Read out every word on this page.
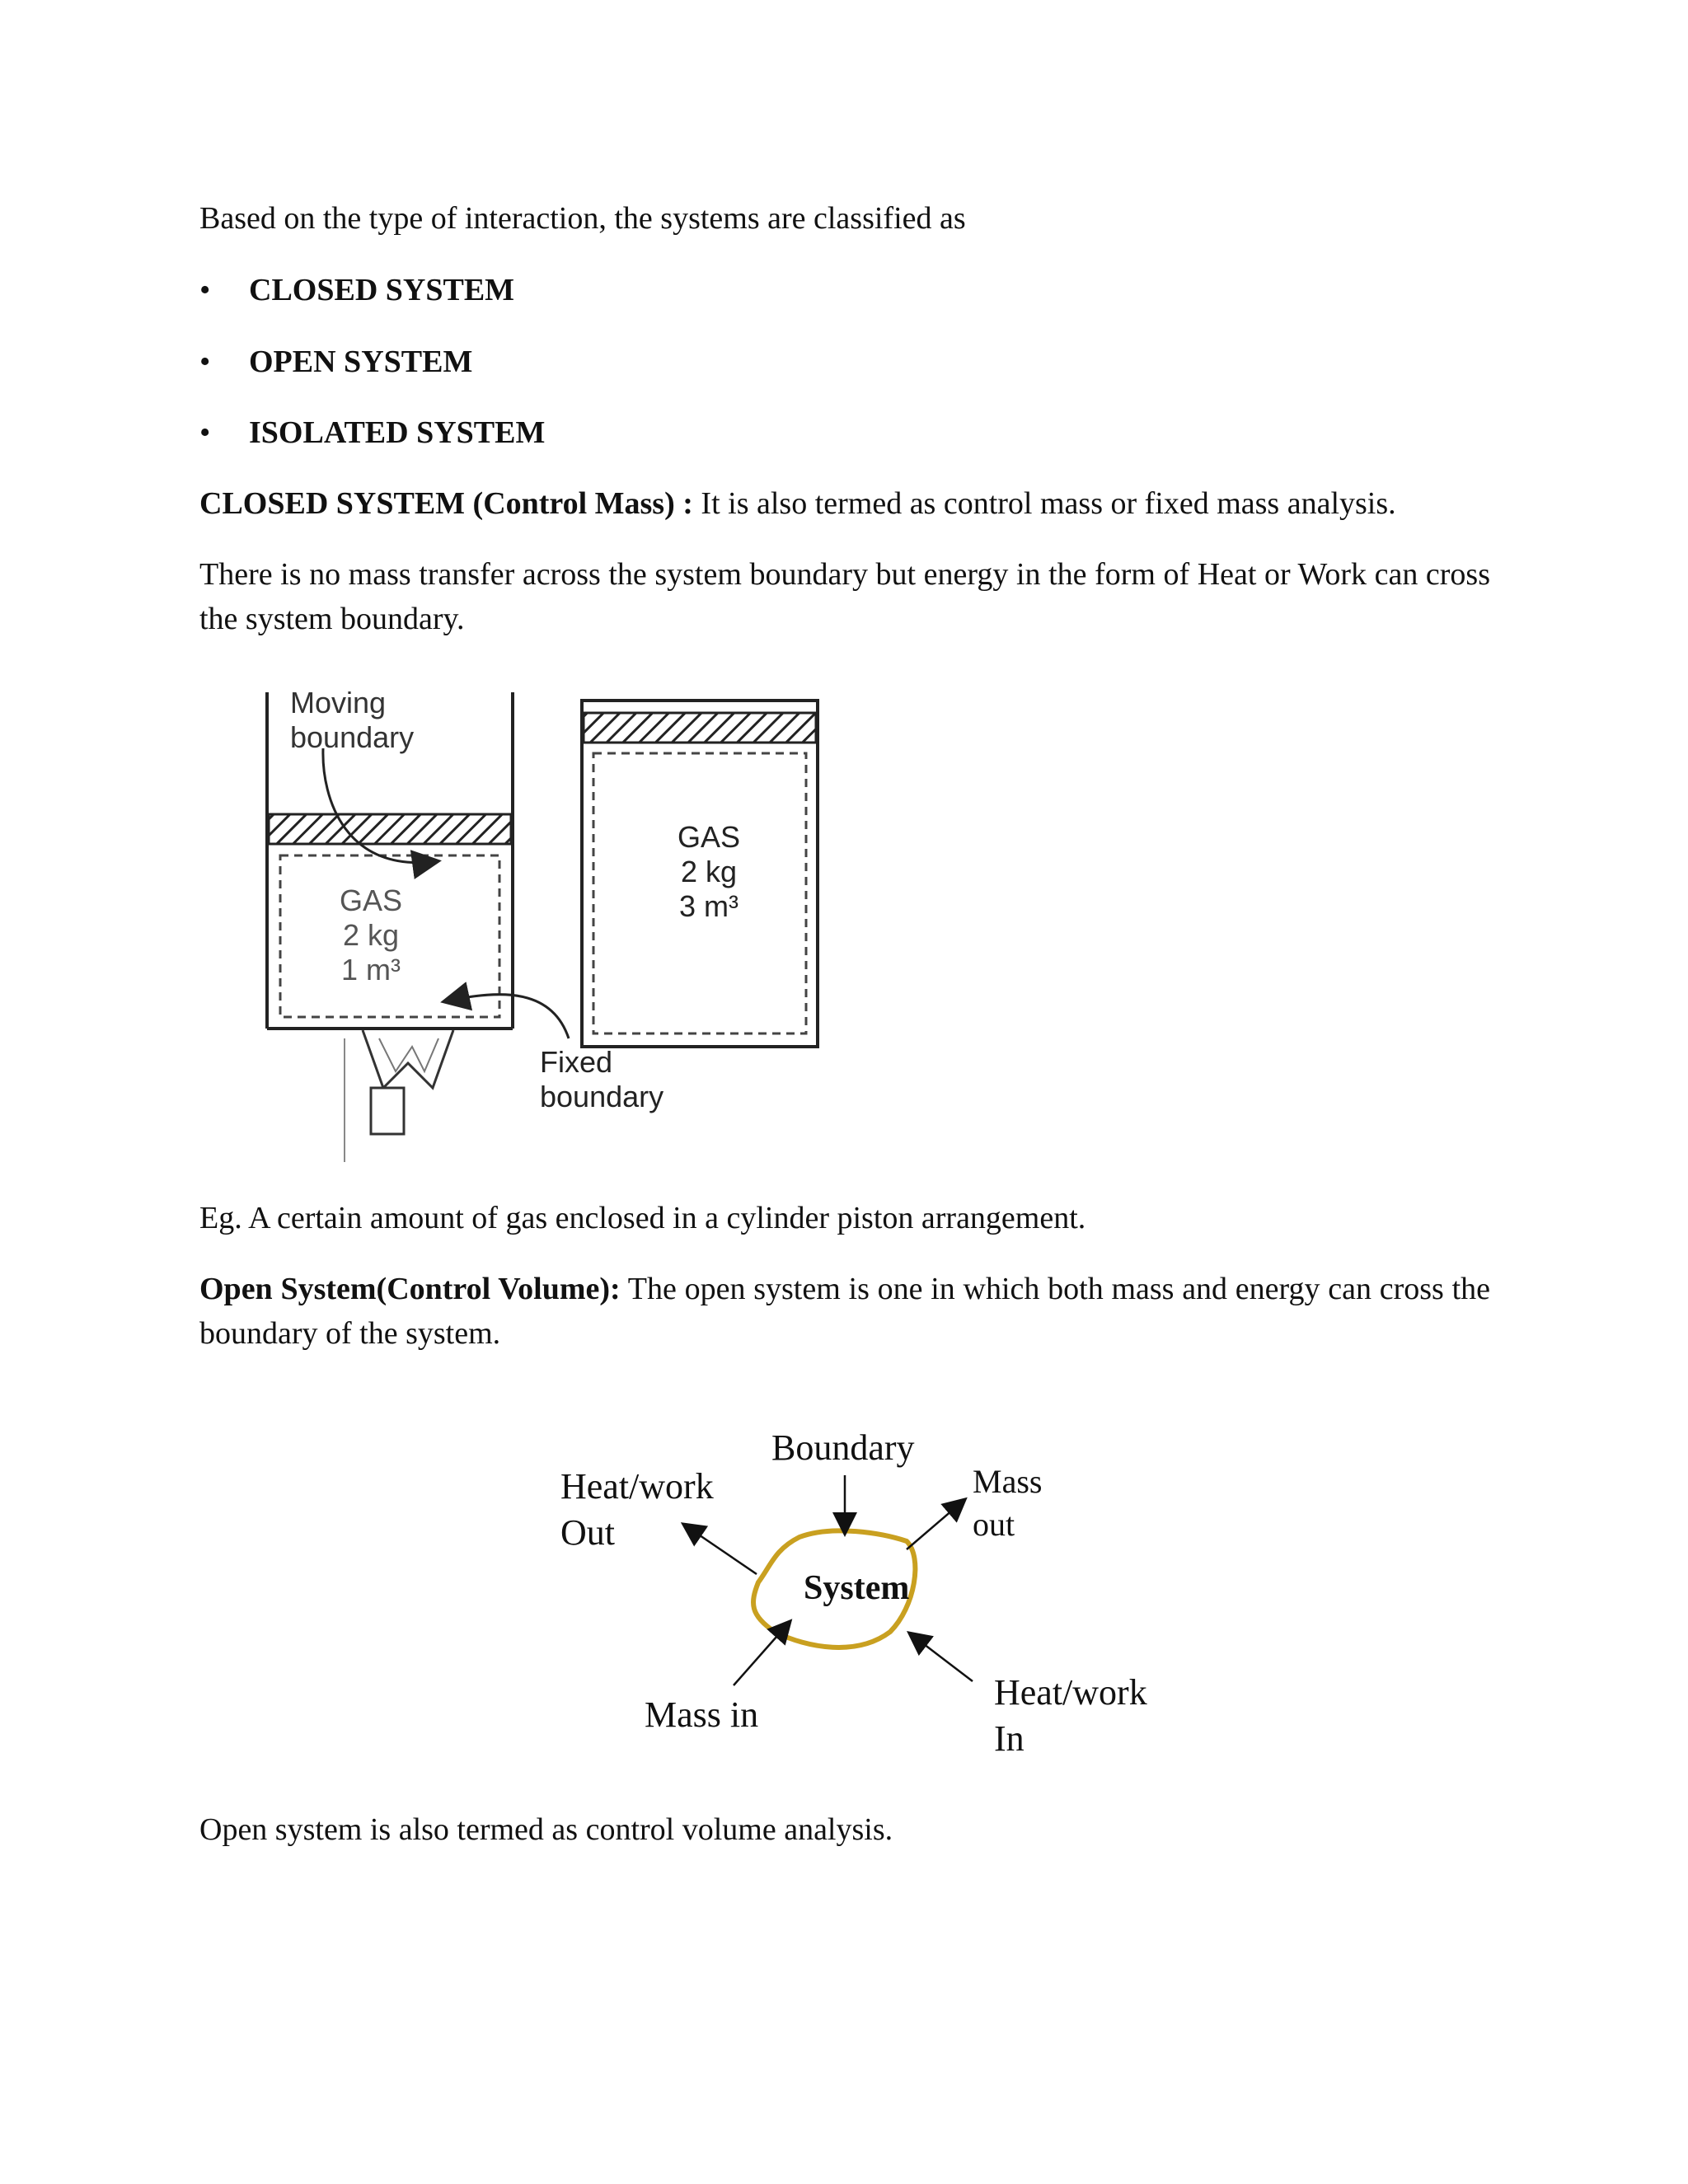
Based on the type of interaction, the systems are classified as
• CLOSED SYSTEM
• OPEN SYSTEM
• ISOLATED SYSTEM
CLOSED SYSTEM (Control Mass) : It is also termed as control mass or fixed mass analysis.
There is no mass transfer across the system boundary but energy in the form of Heat or Work can cross the system boundary.
Moving
boundary
GAS
2 kg
1 m³
GAS
2 kg
3 m³
Fixed
boundary
Eg. A certain amount of gas enclosed in a cylinder piston arrangement.
Open System(Control Volume): The open system is one in which both mass and energy can cross the boundary of the system.
Boundary
Heat/work
Out
Mass
out
System
Mass in
Heat/work
In
Open system is also termed as control volume analysis.
